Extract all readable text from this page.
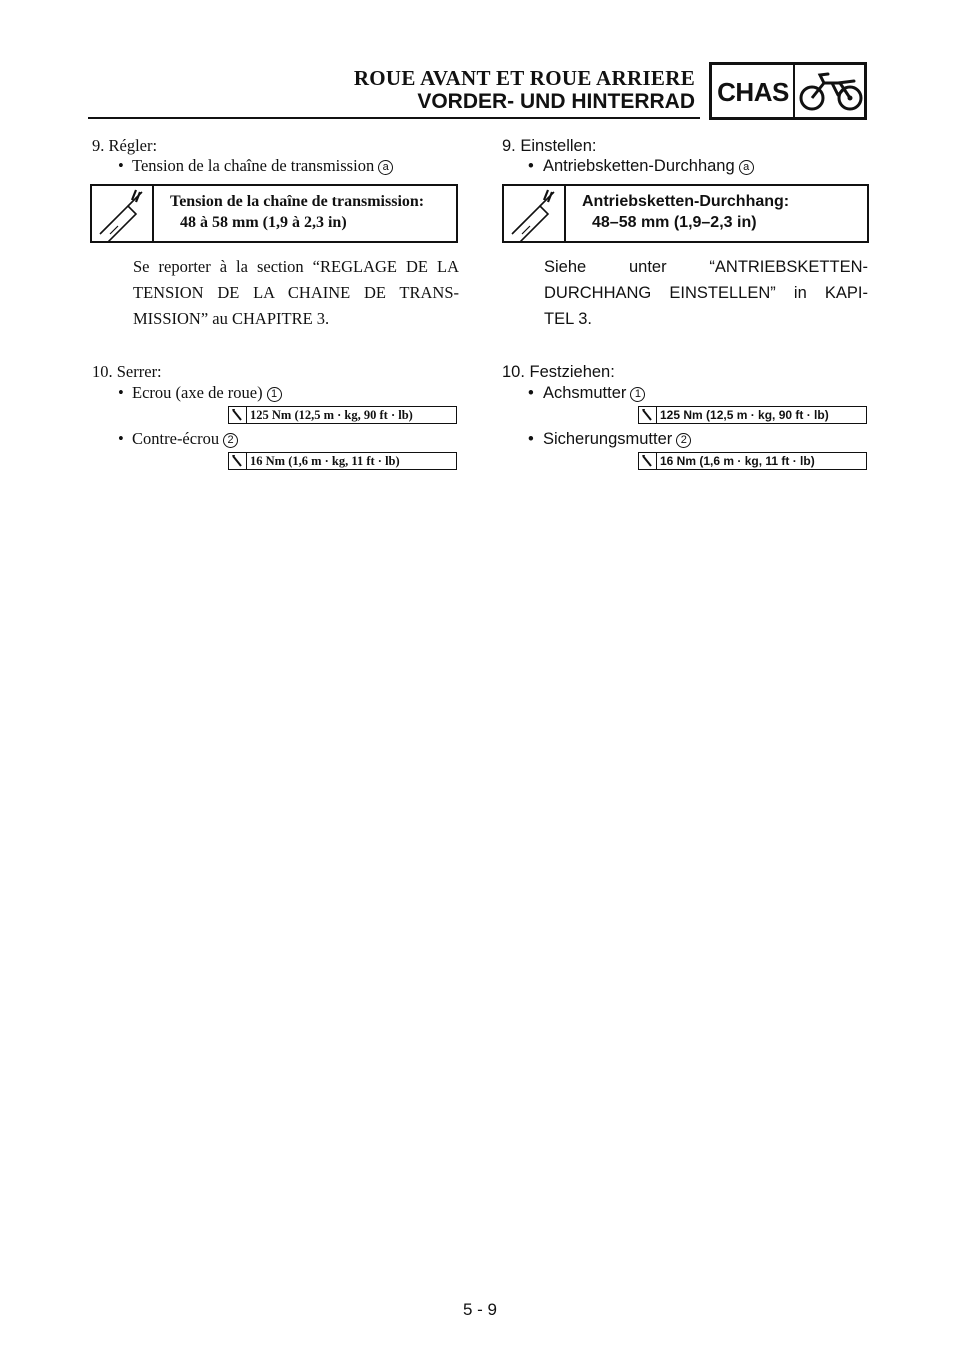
ROUE AVANT ET ROUE ARRIERE
VORDER- UND HINTERRAD CHAS
9. Régler:
•  Tension de la chaîne de transmission a
Tension de la chaîne de transmission:
48 à 58 mm (1,9 à 2,3 in)
Se reporter à la section “REGLAGE DE LA
TENSION DE LA CHAINE DE TRANS-
MISSION” au CHAPITRE 3.
10. Serrer:
•  Ecrou (axe de roue) 1
125 Nm (12,5 m · kg, 90 ft · lb)
•  Contre-écrou 2
16 Nm (1,6 m · kg, 11 ft · lb)
9. Einstellen:
•  Antriebsketten-Durchhang a
Antriebsketten-Durchhang:
48–58 mm (1,9–2,3 in)
Siehe unter “ANTRIEBSKETTEN-
DURCHHANG EINSTELLEN” in KAPI-
TEL 3.
10. Festziehen:
•  Achsmutter 1
125 Nm (12,5 m · kg, 90 ft · lb)
•  Sicherungsmutter 2
16 Nm (1,6 m · kg, 11 ft · lb)
5 - 9
